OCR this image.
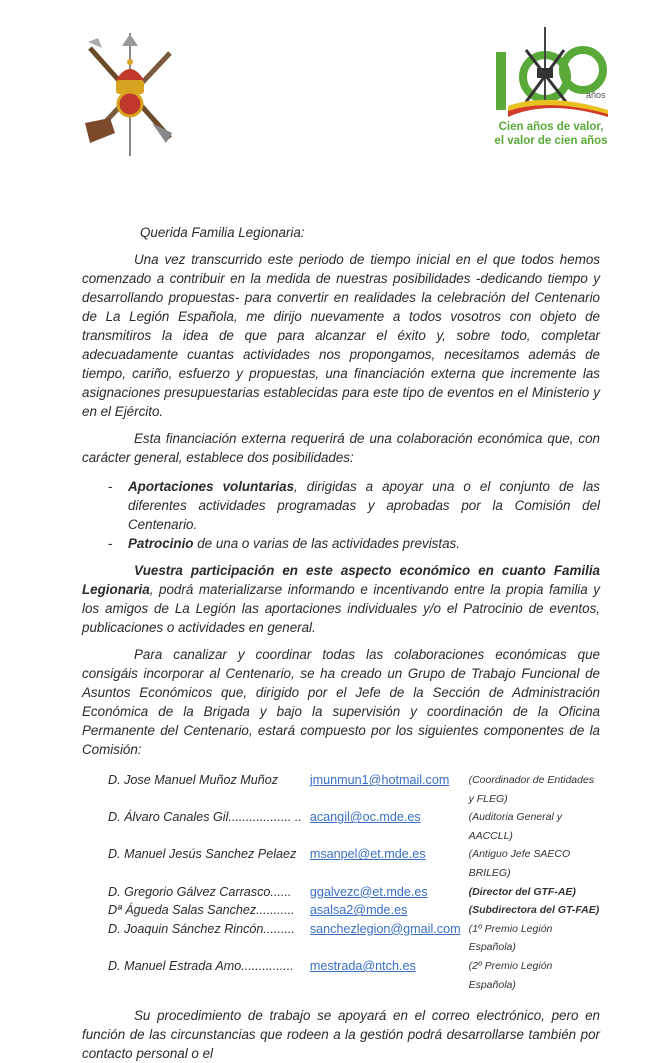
años
Cien años de valor,
el valor de cien años

Querida Familia Legionaria:

Una vez transcurrido este periodo de tiempo inicial en el que todos hemos comenzado a contribuir en la medida de nuestras posibilidades -dedicando tiempo y desarrollando propuestas- para convertir en realidades la celebración del Centenario de La Legión Española, me dirijo nuevamente a todos vosotros con objeto de transmitiros la idea de que para alcanzar el éxito y, sobre todo, completar adecuadamente cuantas actividades nos propongamos, necesitamos además de tiempo, cariño, esfuerzo y propuestas, una financiación externa que incremente las asignaciones presupuestarias establecidas para este tipo de eventos en el Ministerio y en el Ejército.

Esta financiación externa requerirá de una colaboración económica que, con carácter general, establece dos posibilidades:

- Aportaciones voluntarias, dirigidas a apoyar una o el conjunto de las diferentes actividades programadas y aprobadas por la Comisión del Centenario.
- Patrocinio de una o varias de las actividades previstas.

Vuestra participación en este aspecto económico en cuanto Familia Legionaria, podrá materializarse informando e incentivando entre la propia familia y los amigos de La Legión las aportaciones individuales y/o el Patrocinio de eventos, publicaciones o actividades en general.

Para canalizar y coordinar todas las colaboraciones económicas que consigáis incorporar al Centenario, se ha creado un Grupo de Trabajo Funcional de Asuntos Económicos que, dirigido por el Jefe de la Sección de Administración Económica de la Brigada y bajo la supervisión y coordinación de la Oficina Permanente del Centenario, estará compuesto por los siguientes componentes de la Comisión:

D. Jose Manuel Muñoz Muñoz	jmunmun1@hotmail.com	(Coordinador de Entidades y FLEG)
D. Álvaro Canales Gil.................. .. acangil@oc.mde.es	(Auditoria General y AACCLL)
D. Manuel Jesús Sanchez Pelaez	msanpel@et.mde.es	(Antiguo Jefe SAECO BRILEG)
D. Gregorio Gálvez Carrasco......	ggalvezc@et.mde.es	(Director del GTF-AE)
Dª Águeda Salas Sanchez...........	asalsa2@mde.es	(Subdirectora del GT-FAE)
D. Joaquin Sánchez Rincón.........	sanchezlegion@gmail.com (1º Premio Legión Española)
D. Manuel Estrada Amo...............	mestrada@ntch.es	(2º Premio Legión Española)

Su procedimiento de trabajo se apoyará en el correo electrónico, pero en función de las circunstancias que rodeen a la gestión podrá desarrollarse también por contacto personal o el
